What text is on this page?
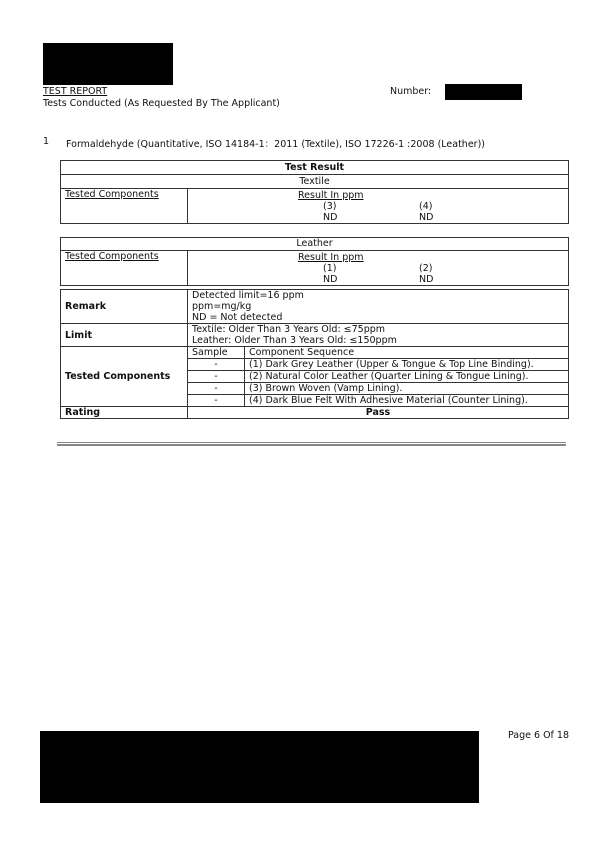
TEST REPORT
Tests Conducted (As Requested By The Applicant)
Number:
1 Formaldehyde (Quantitative, ISO 14184-1：2011 (Textile), ISO 17226-1 :2008 (Leather))
Test Result
Textile
Tested Components	Result In ppm
(3)	(4)
ND	ND
Leather
Tested Components	Result In ppm
(1)	(2)
ND	ND
Remark	
Detected limit=16 ppm
ppm=mg/kg
ND = Not detected

Limit	Textile: Older Than 3 Years Old: ≤75ppm
Leather: Older Than 3 Years Old: ≤150ppm

Tested Components	
Sample	Component Sequence
-	(1) Dark Grey Leather (Upper & Tongue & Top Line Binding).
-	(2) Natural Color Leather (Quarter Lining & Tongue Lining).
-	(3) Brown Woven (Vamp Lining).
-	(4) Dark Blue Felt With Adhesive Material (Counter Lining).

Rating	Pass
Page 6 Of 18
